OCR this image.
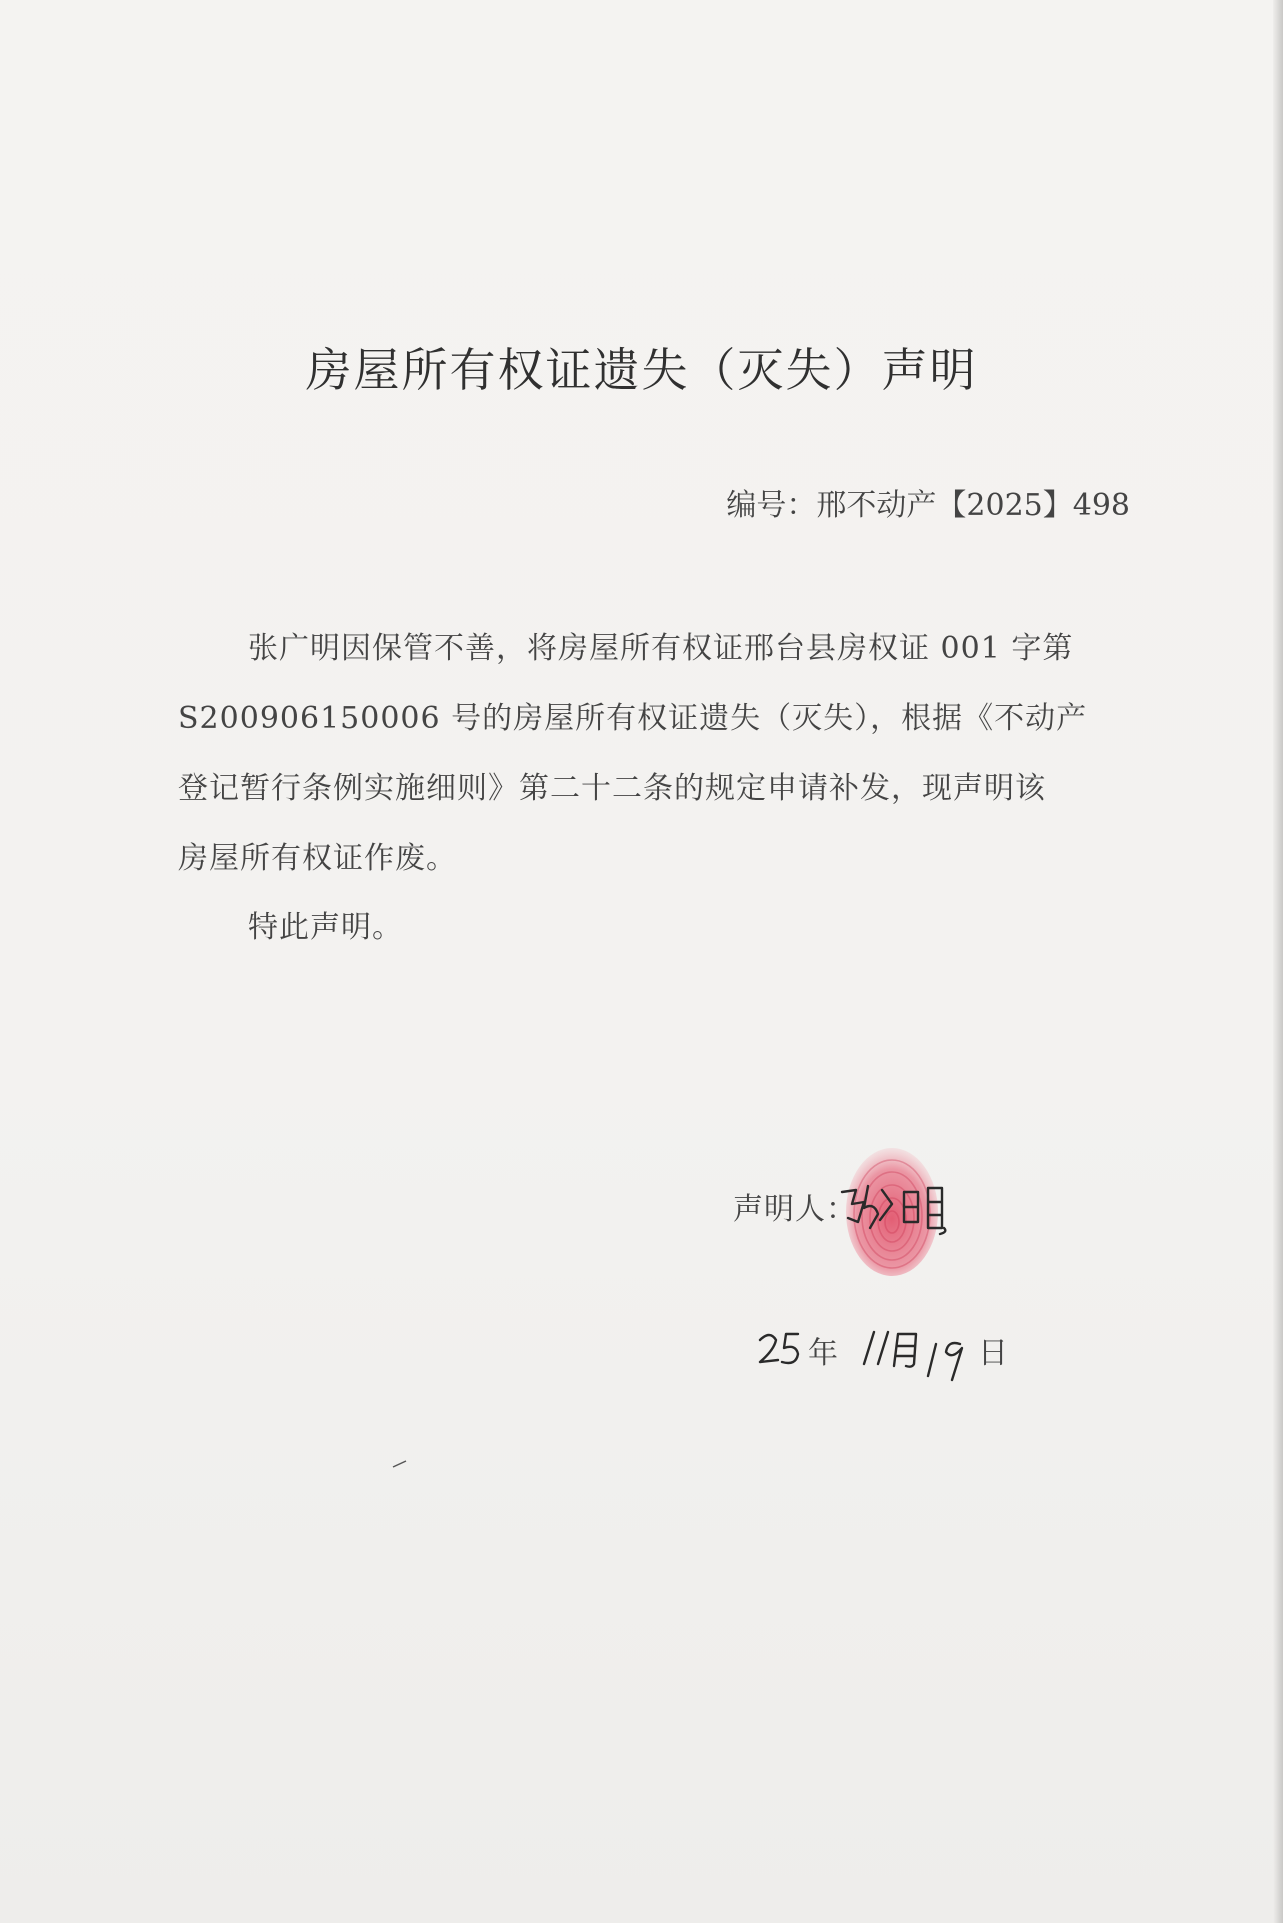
房屋所有权证遗失（灭失）声明
编号：邢不动产【2025】498
张广明因保管不善，将房屋所有权证邢台县房权证 001 字第
S200906150006 号的房屋所有权证遗失（灭失），根据《不动产
登记暂行条例实施细则》第二十二条的规定申请补发，现声明该
房屋所有权证作废。
特此声明。
声明人：
年	日
